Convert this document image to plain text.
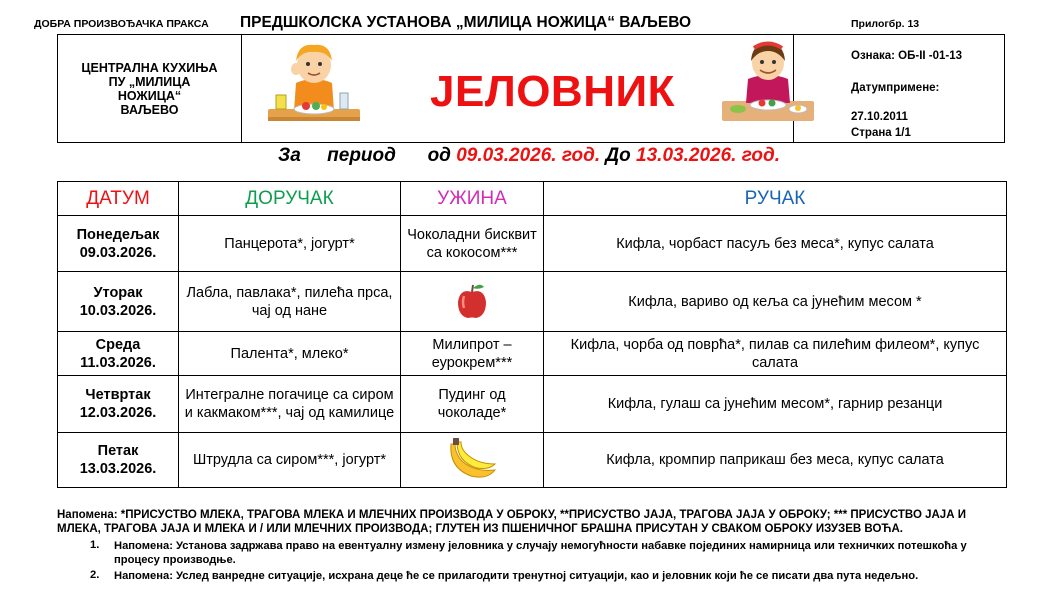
ДОБРА ПРОИЗВОЂАЧКА ПРАКСА ПРЕДШКОЛСКА УСТАНОВА „МИЛИЦА НОЖИЦА“ ВАЉЕВО	Прилогбр. 13
ЦЕНТРАЛНА КУХИЊА
ПУ „МИЛИЦА
НОЖИЦА“
ВАЉЕВО	ЈЕЛОВНИК
Ознака: ОБ-II -01-13
Датумпримене:
27.10.2011
Страна 1/1
За     период      од 09.03.2026. год. До 13.03.2026. год.
ДАТУМ	ДОРУЧАК	УЖИНА	РУЧАК

Понедељак
09.03.2026.	Панцерота*, јогурт*	Чоколадни бисквит са кокосом***	Кифла, чорбаст пасуљ без меса*, купус салата

Уторак
10.03.2026.	Лабла, павлака*, пилећа прса, чај од нане		Кифла, вариво од кеља са јунећим месом *

Среда
11.03.2026.	Палента*, млеко*	Милипрот – еурокрем***	Кифла, чорба од поврћа*, пилав са пилећим филеом*, купус салата

Четвртак
12.03.2026.	Интегралне погачице са сиром и какмаком***, чај од камилице	Пудинг од чоколаде*	Кифла, гулаш са јунећим месом*, гарнир резанци

Петак
13.03.2026.	Штрудла са сиром***, јогурт*		Кифла, кромпир паприкаш без меса, купус салата
Напомена: *ПРИСУСТВО МЛЕКА, ТРАГОВА МЛЕКА И МЛЕЧНИХ ПРОИЗВОДА У ОБРОКУ, **ПРИСУСТВО ЈАЈА, ТРАГОВА ЈАЈА У ОБРОКУ; *** ПРИСУСТВО ЈАЈА И МЛЕКА, ТРАГОВА ЈАЈА И МЛЕКА И / ИЛИ МЛЕЧНИХ ПРОИЗВОДА; ГЛУТЕН ИЗ ПШЕНИЧНОГ БРАШНА ПРИСУТАН У СВАКОМ ОБРОКУ ИЗУЗЕВ ВОЋА.
1. Напомена: Установа задржава право на евентуалну измену јеловника у случају немогућности набавке појединих намирница или техничких потешкоћа у процесу производње.
2. Напомена: Услед ванредне ситуације, исхрана деце ће се прилагодити тренутној ситуацији, као и јеловник који ће се писати два пута недељно.
